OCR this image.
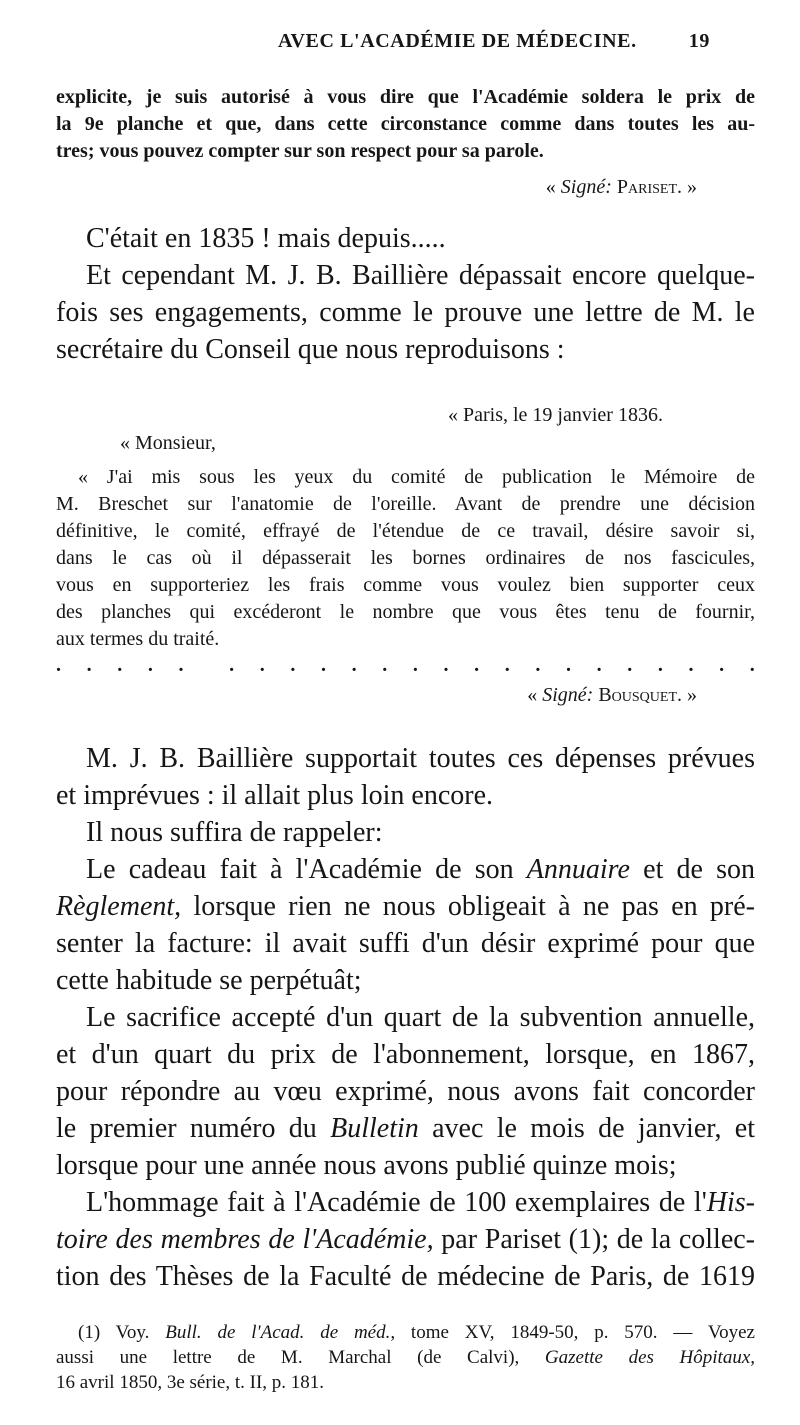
AVEC L'ACADÉMIE DE MÉDECINE.	19
explicite, je suis autorisé à vous dire que l'Académie soldera le prix de
la 9e planche et que, dans cette circonstance comme dans toutes les au-
tres; vous pouvez compter sur son respect pour sa parole.
« Signé: Pariset. »
C'était en 1835 ! mais depuis.....
Et cependant M. J. B. Baillière dépassait encore quelque-
fois ses engagements, comme le prouve une lettre de M. le
secrétaire du Conseil que nous reproduisons :
« Paris, le 19 janvier 1836.
« Monsieur,
« J'ai mis sous les yeux du comité de publication le Mémoire de
M. Breschet sur l'anatomie de l'oreille. Avant de prendre une décision
définitive, le comité, effrayé de l'étendue de ce travail, désire savoir si,
dans le cas où il dépasserait les bornes ordinaires de nos fascicules,
vous en supporteriez les frais comme vous voulez bien supporter ceux
des planches qui excéderont le nombre que vous êtes tenu de fournir,
aux termes du traité.
. . . . . . . . . . . . . . . . . . . . . . .
« Signé: Bousquet. »
M. J. B. Baillière supportait toutes ces dépenses prévues
et imprévues : il allait plus loin encore.
Il nous suffira de rappeler:
Le cadeau fait à l'Académie de son Annuaire et de son
Règlement, lorsque rien ne nous obligeait à ne pas en pré-
senter la facture: il avait suffi d'un désir exprimé pour que
cette habitude se perpétuât;
Le sacrifice accepté d'un quart de la subvention annuelle,
et d'un quart du prix de l'abonnement, lorsque, en 1867,
pour répondre au vœu exprimé, nous avons fait concorder
le premier numéro du Bulletin avec le mois de janvier, et
lorsque pour une année nous avons publié quinze mois;
L'hommage fait à l'Académie de 100 exemplaires de l'His-
toire des membres de l'Académie, par Pariset (1); de la collec-
tion des Thèses de la Faculté de médecine de Paris, de 1619
(1) Voy. Bull. de l'Acad. de méd., tome XV, 1849-50, p. 570. — Voyez
aussi une lettre de M. Marchal (de Calvi), Gazette des Hôpitaux,
16 avril 1850, 3e série, t. II, p. 181.
